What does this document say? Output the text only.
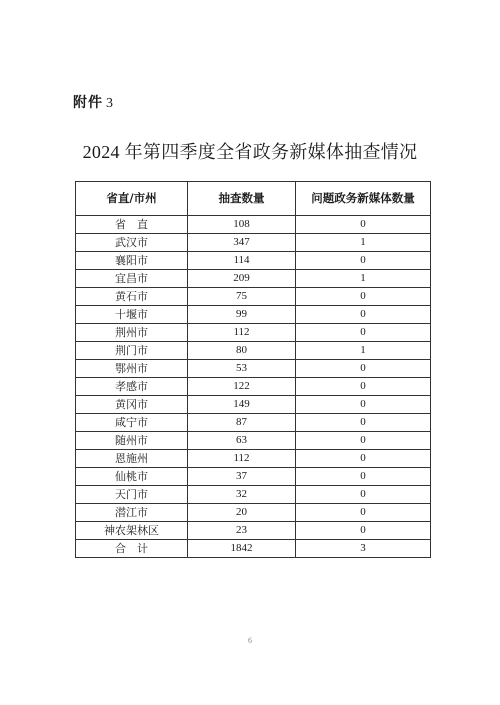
附件 3
2024 年第四季度全省政务新媒体抽查情况
省直/市州	抽查数量	问题政务新媒体数量
省　直	108	0
武汉市	347	1
襄阳市	114	0
宜昌市	209	1
黄石市	75	0
十堰市	99	0
荆州市	112	0
荆门市	80	1
鄂州市	53	0
孝感市	122	0
黄冈市	149	0
咸宁市	87	0
随州市	63	0
恩施州	112	0
仙桃市	37	0
天门市	32	0
潜江市	20	0
神农架林区	23	0
合　计	1842	3
6
